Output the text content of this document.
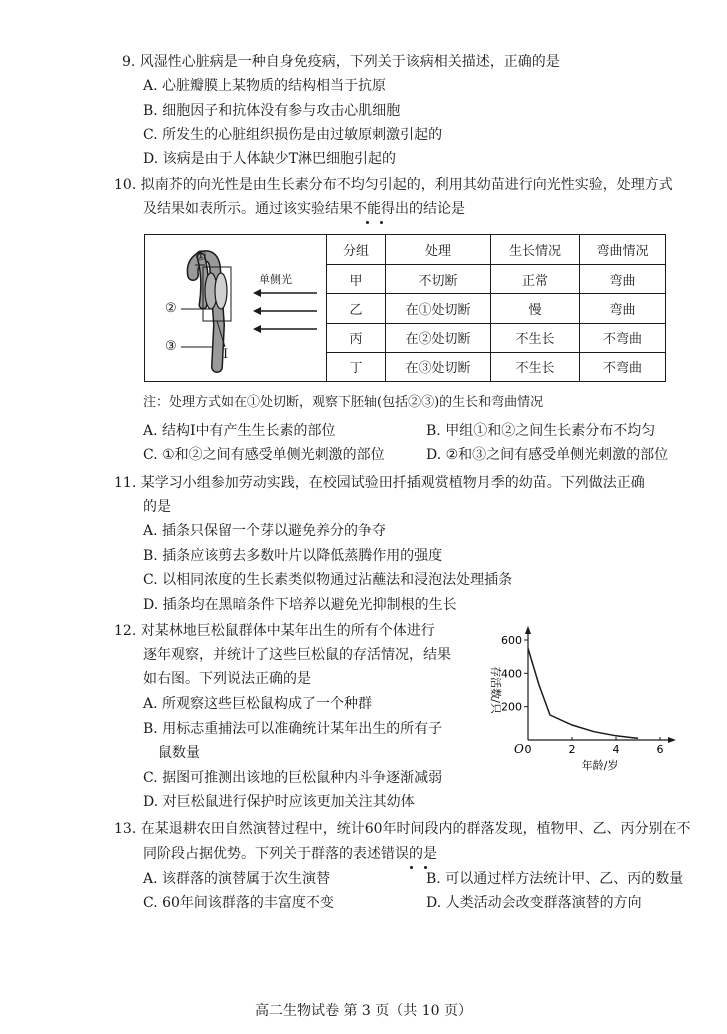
9. 风湿性心脏病是一种自身免疫病，下列关于该病相关描述，正确的是
A. 心脏瓣膜上某物质的结构相当于抗原
B. 细胞因子和抗体没有参与攻击心肌细胞
C. 所发生的心脏组织损伤是由过敏原刺激引起的
D. 该病是由于人体缺少T淋巴细胞引起的
10. 拟南芥的向光性是由生长素分布不均匀引起的，利用其幼苗进行向光性实验，处理方式
及结果如表所示。通过该实验结果不能得出的结论是
单侧光
①
②
③
I
分组	处理	生长情况	弯曲情况
甲	不切断	正常	弯曲
乙	在①处切断	慢	弯曲
丙	在②处切断	不生长	不弯曲
丁	在③处切断	不生长	不弯曲
注：处理方式如在①处切断，观察下胚轴(包括②③)的生长和弯曲情况
A. 结构Ⅰ中有产生生长素的部位	B. 甲组①和②之间生长素分布不均匀
C. ①和②之间有感受单侧光刺激的部位	D. ②和③之间有感受单侧光刺激的部位
11. 某学习小组参加劳动实践，在校园试验田扦插观赏植物月季的幼苗。下列做法正确
的是
A. 插条只保留一个芽以避免养分的争夺
B. 插条应该剪去多数叶片以降低蒸腾作用的强度
C. 以相同浓度的生长素类似物通过沾蘸法和浸泡法处理插条
D. 插条均在黑暗条件下培养以避免光抑制根的生长
12. 对某林地巨松鼠群体中某年出生的所有个体进行
逐年观察，并统计了这些巨松鼠的存活情况，结果
如右图。下列说法正确的是
A. 所观察这些巨松鼠构成了一个种群
B. 用标志重捕法可以准确统计某年出生的所有子
鼠数量
C. 据图可推测出该地的巨松鼠种内斗争逐渐减弱
D. 对巨松鼠进行保护时应该更加关注其幼体
200
400
600
0	2	4	6
O
存活数/只
年龄/岁
13. 在某退耕农田自然演替过程中，统计60年时间段内的群落发现，植物甲、乙、丙分别在不
同阶段占据优势。下列关于群落的表述错误的是
A. 该群落的演替属于次生演替	B. 可以通过样方法统计甲、乙、丙的数量
C. 60年间该群落的丰富度不变	D. 人类活动会改变群落演替的方向
高二生物试卷 第 3 页（共 10 页）
